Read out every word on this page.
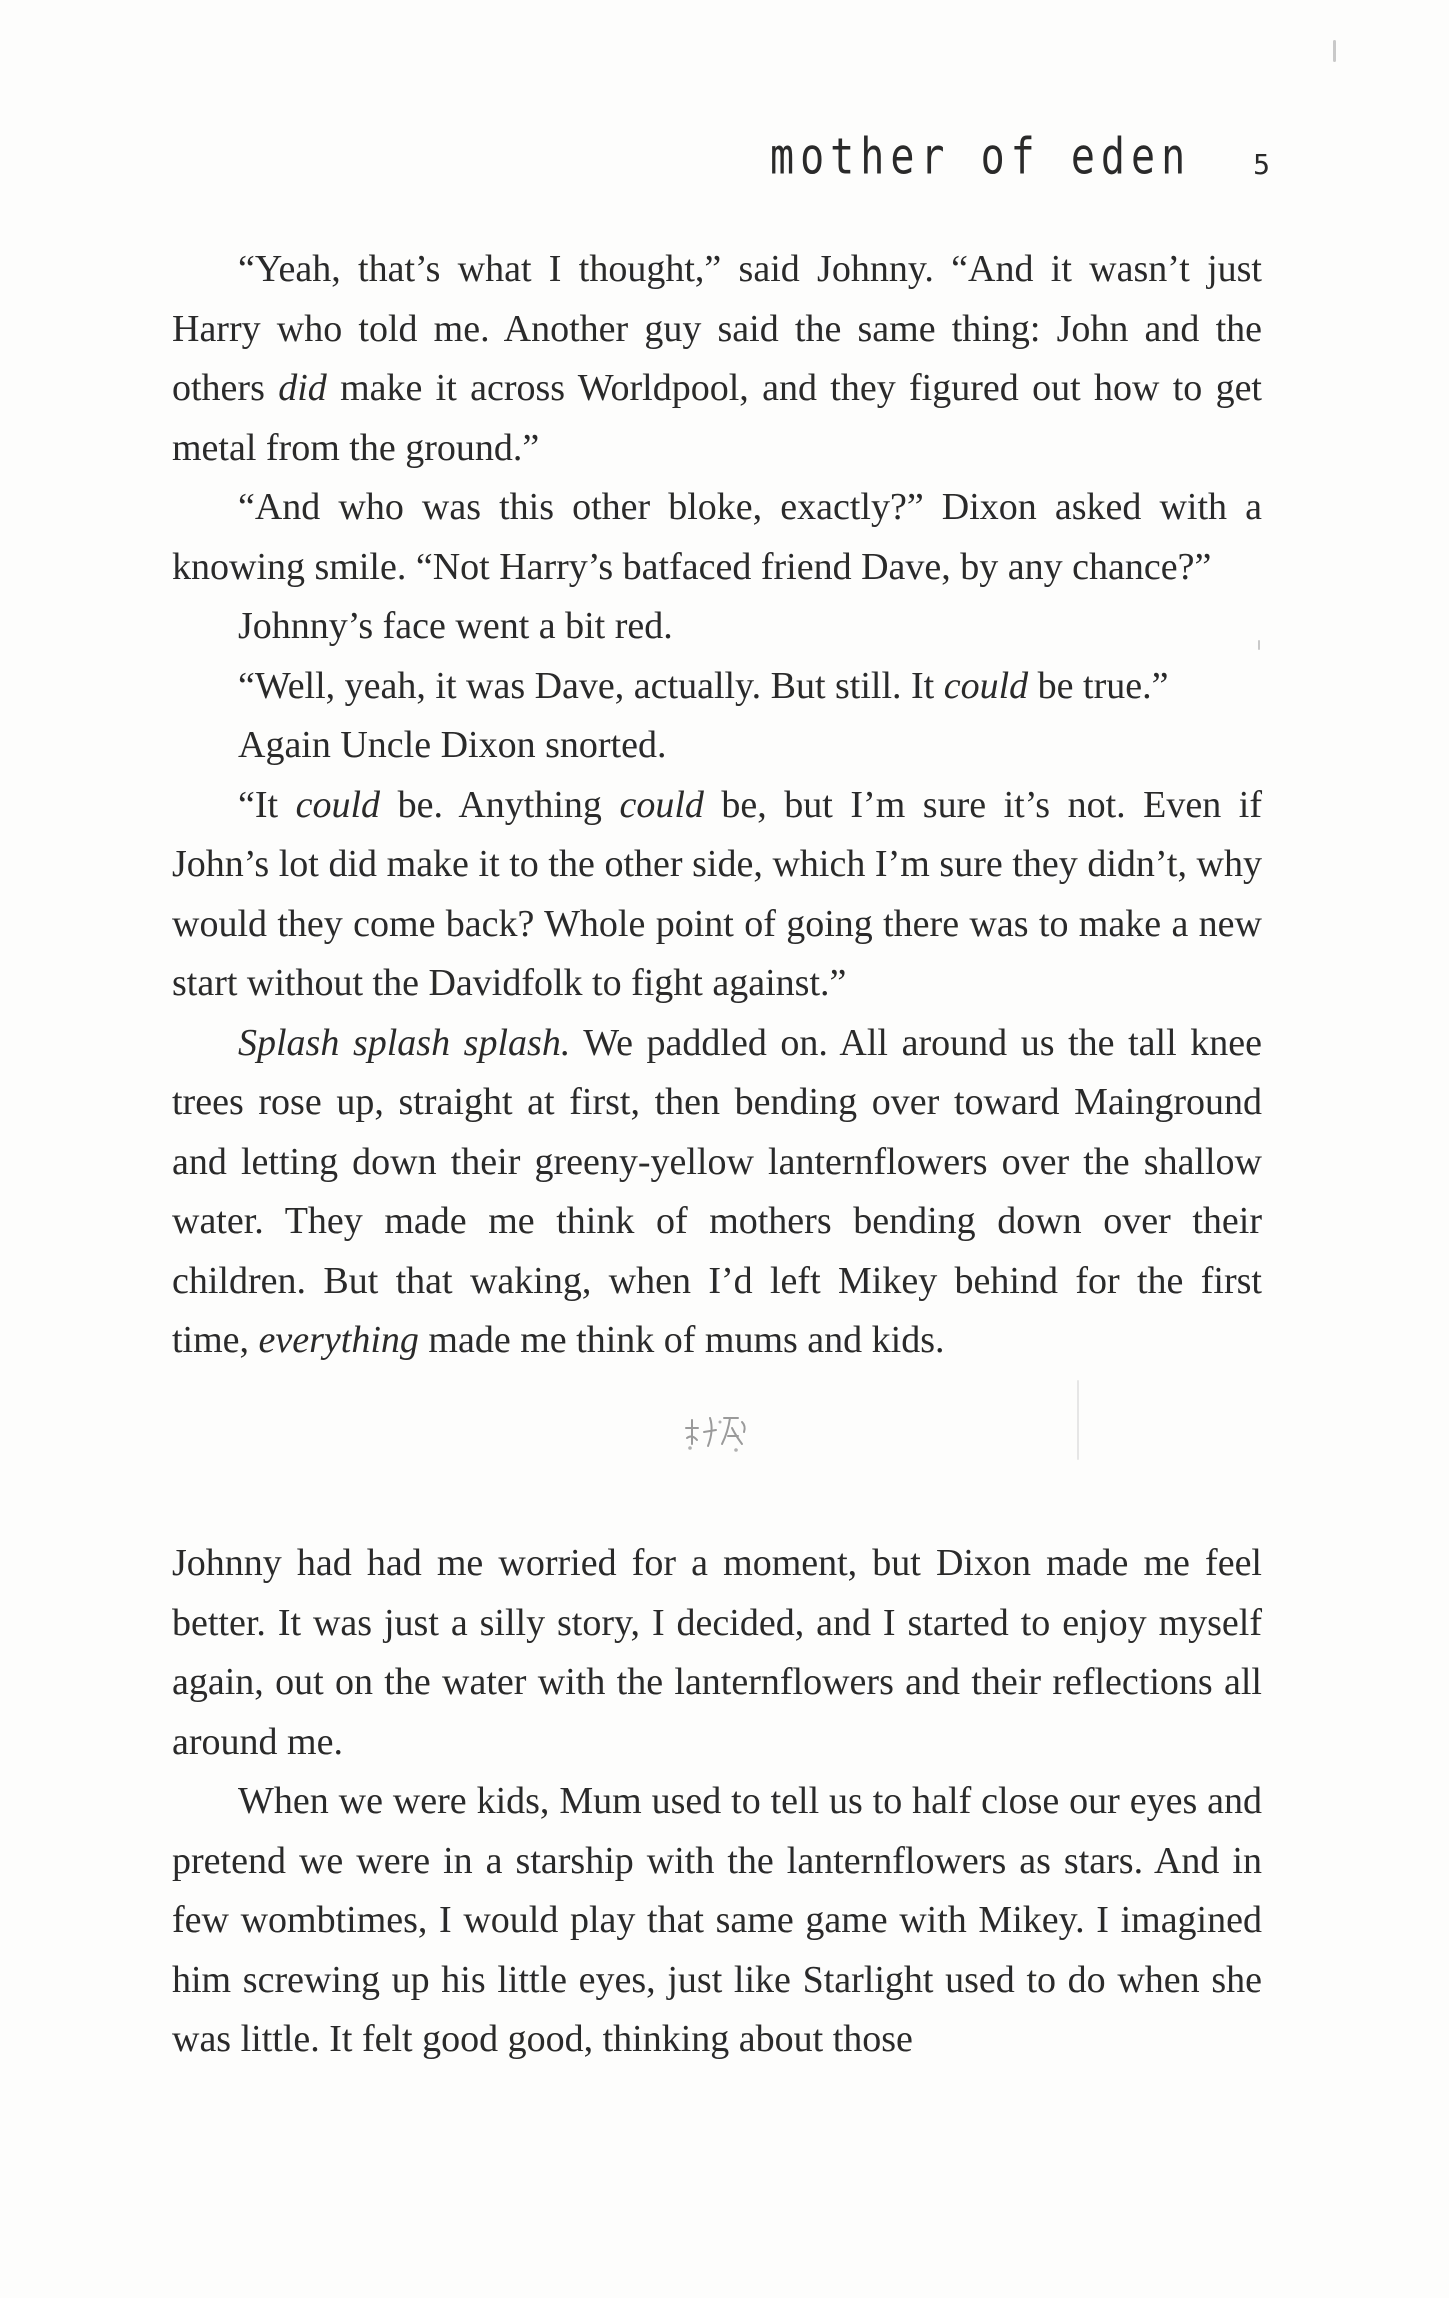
mother of eden 5

“Yeah, that’s what I thought,” said Johnny. “And it wasn’t just Harry who told me. Another guy said the same thing: John and the others did make it across Worldpool, and they figured out how to get metal from the ground.”

“And who was this other bloke, exactly?” Dixon asked with a knowing smile. “Not Harry’s batfaced friend Dave, by any chance?”

Johnny’s face went a bit red.

“Well, yeah, it was Dave, actually. But still. It could be true.”

Again Uncle Dixon snorted.

“It could be. Anything could be, but I’m sure it’s not. Even if John’s lot did make it to the other side, which I’m sure they didn’t, why would they come back? Whole point of going there was to make a new start without the Davidfolk to fight against.”

Splash splash splash. We paddled on. All around us the tall knee trees rose up, straight at first, then bending over toward Mainground and letting down their greeny-yellow lanternflowers over the shallow water. They made me think of mothers bending down over their children. But that waking, when I’d left Mikey behind for the first time, everything made me think of mums and kids.

Johnny had had me worried for a moment, but Dixon made me feel better. It was just a silly story, I decided, and I started to enjoy myself again, out on the water with the lanternflowers and their reflections all around me.

When we were kids, Mum used to tell us to half close our eyes and pretend we were in a starship with the lanternflowers as stars. And in few wombtimes, I would play that same game with Mikey. I imagined him screwing up his little eyes, just like Starlight used to do when she was little. It felt good good, thinking about those
